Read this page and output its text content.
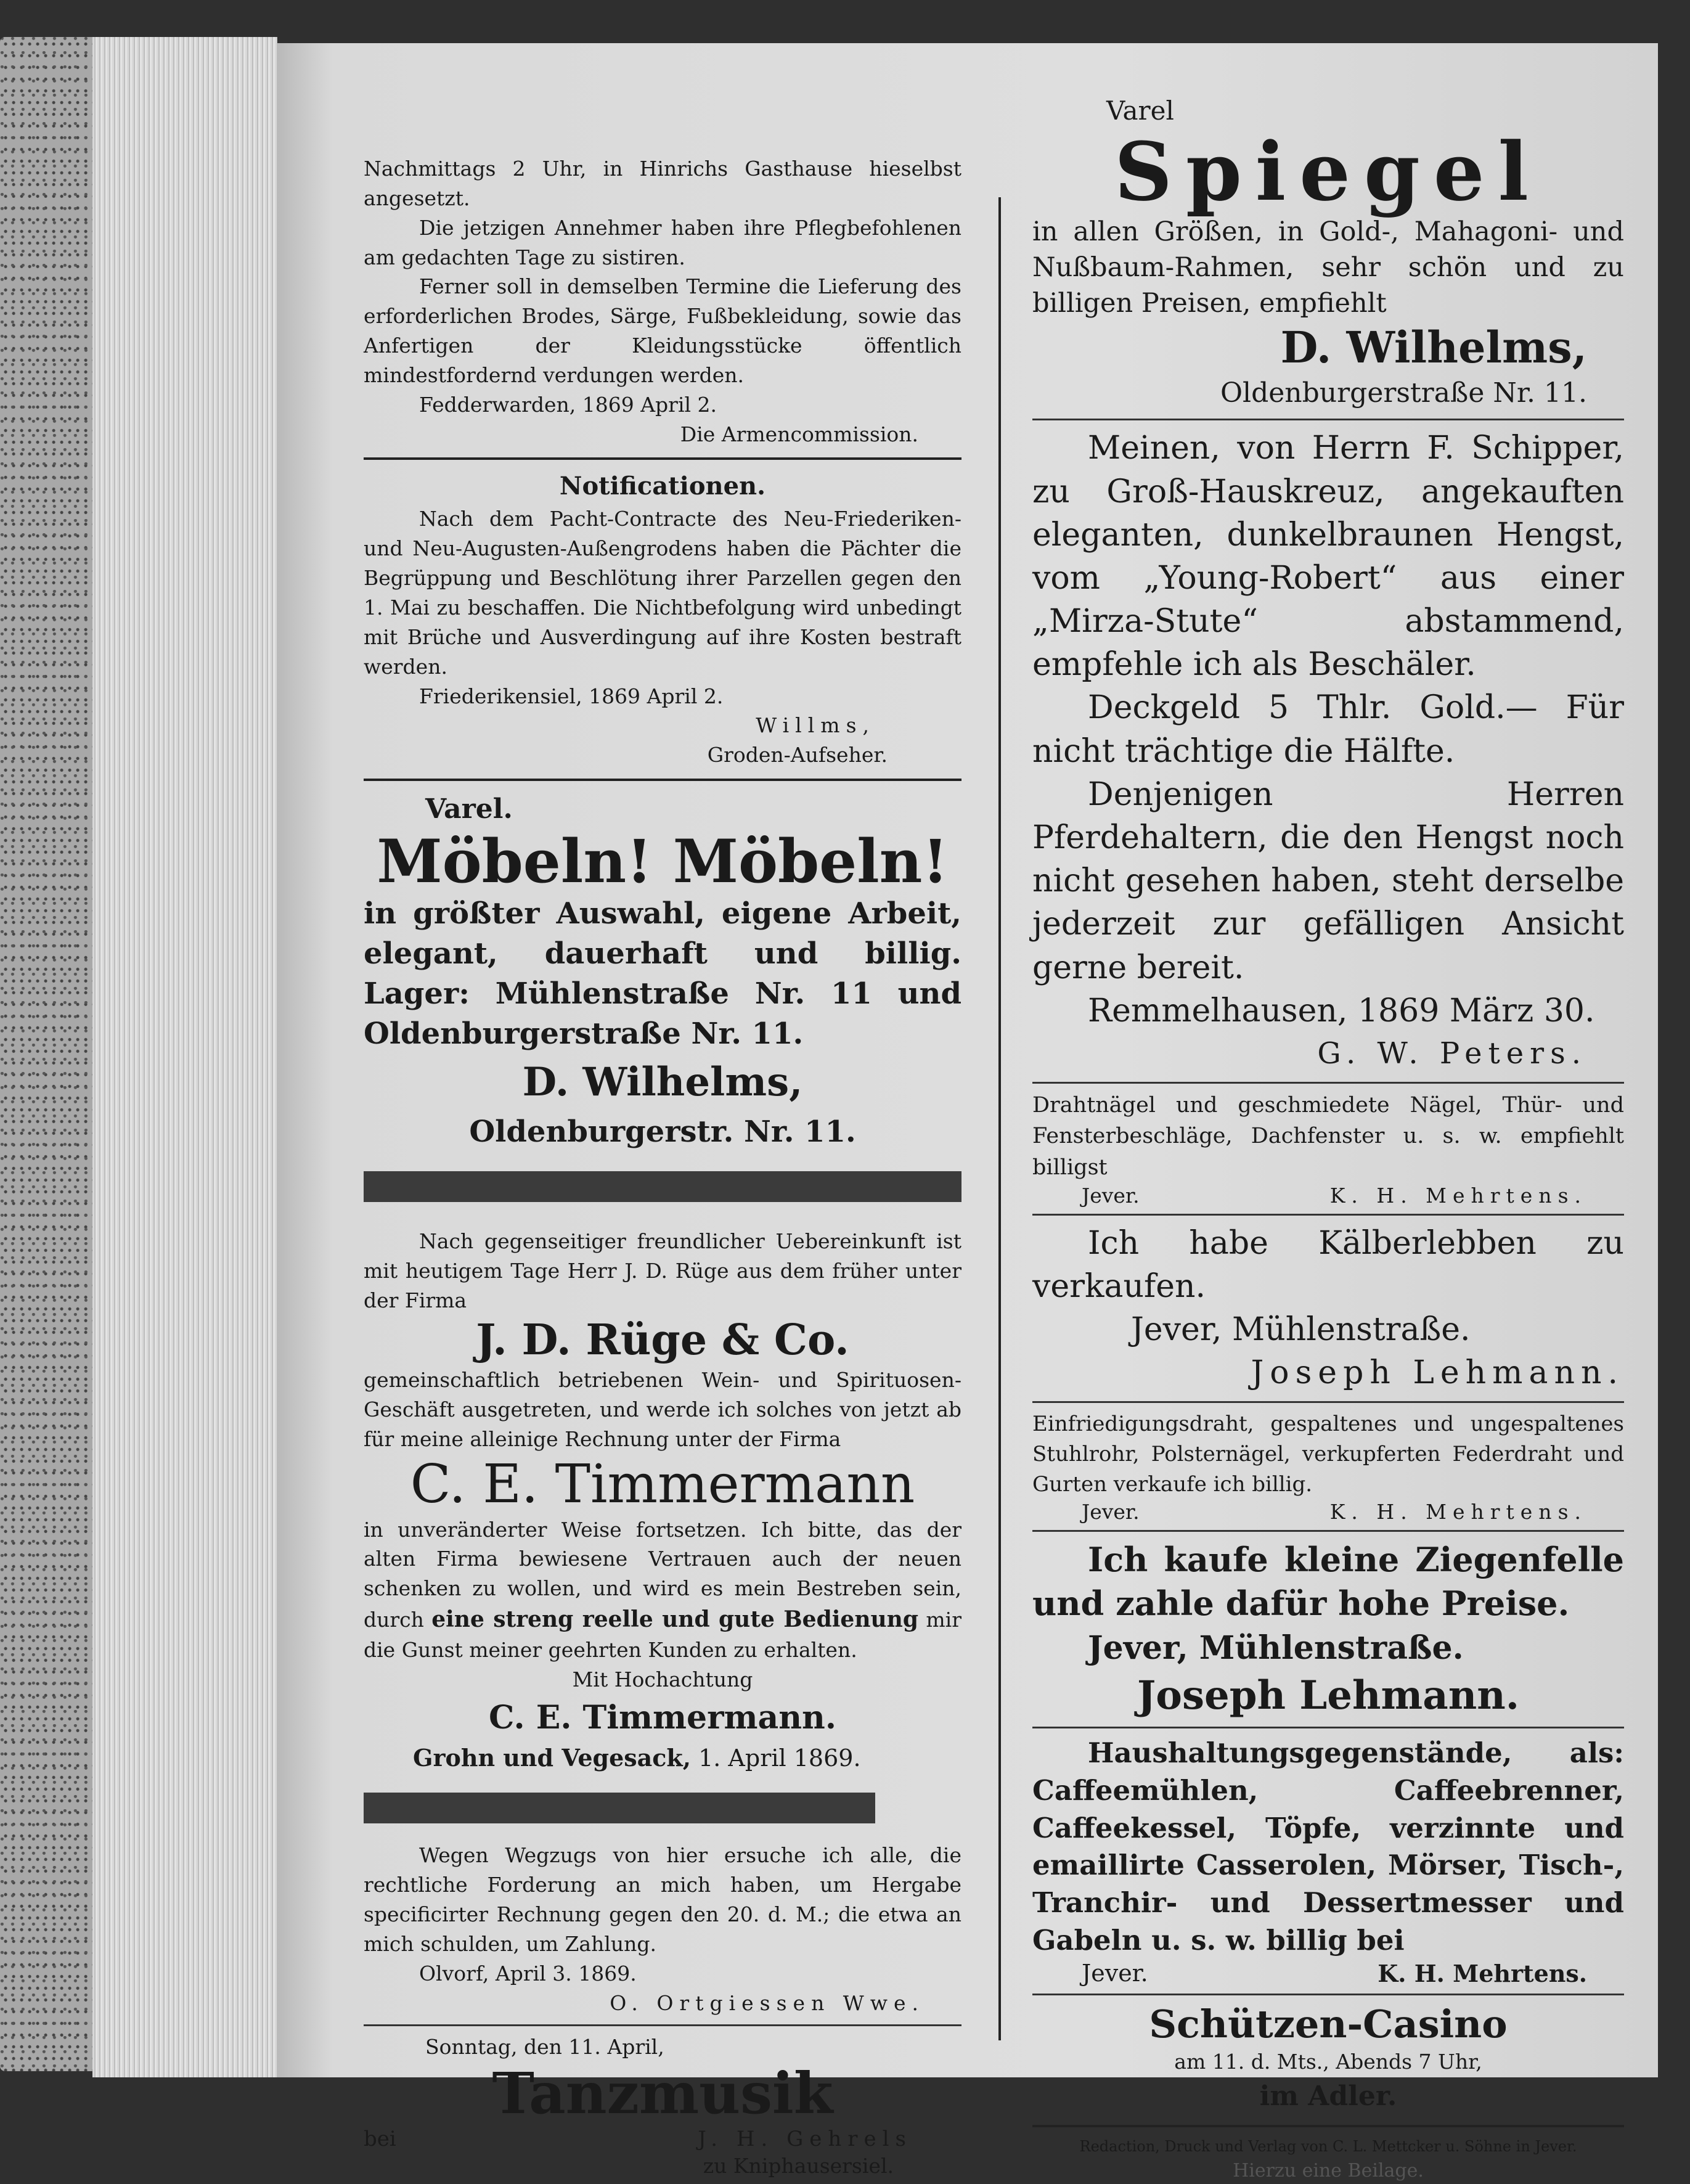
Nachmittags 2 Uhr, in Hinrichs Gasthause hieselbst angesetzt.

Die jetzigen Annehmer haben ihre Pflegbefohlenen am gedachten Tage zu sistiren.

Ferner soll in demselben Termine die Lieferung des erforderlichen Brodes, Särge, Fußbekleidung, sowie das Anfertigen der Kleidungsstücke öffentlich mindestfordernd verdungen werden.

Fedderwarden, 1869 April 2.

Die Armencommission.

Notificationen.

Nach dem Pacht-Contracte des Neu-Friederiken- und Neu-Augusten-Außengrodens haben die Pächter die Begrüppung und Beschlötung ihrer Parzellen gegen den 1. Mai zu beschaffen. Die Nichtbefolgung wird unbedingt mit Brüche und Ausverdingung auf ihre Kosten bestraft werden.

Friederikensiel, 1869 April 2.

Willms,

Groden-Aufseher.

Varel.

Möbeln! Möbeln!

in größter Auswahl, eigene Arbeit, elegant, dauerhaft und billig. Lager: Mühlenstraße Nr. 11 und Oldenburgerstraße Nr. 11.

D. Wilhelms,

Oldenburgerstr. Nr. 11.

Nach gegenseitiger freundlicher Uebereinkunft ist mit heutigem Tage Herr J. D. Rüge aus dem früher unter der Firma

J. D. Rüge & Co.

gemeinschaftlich betriebenen Wein- und Spirituosen-Geschäft ausgetreten, und werde ich solches von jetzt ab für meine alleinige Rechnung unter der Firma

C. E. Timmermann

in unveränderter Weise fortsetzen. Ich bitte, das der alten Firma bewiesene Vertrauen auch der neuen schenken zu wollen, und wird es mein Bestreben sein, durch eine streng reelle und gute Bedienung mir die Gunst meiner geehrten Kunden zu erhalten.

Mit Hochachtung

C. E. Timmermann.

Grohn und Vegesack, 1. April 1869.

Wegen Wegzugs von hier ersuche ich alle, die rechtliche Forderung an mich haben, um Hergabe specificirter Rechnung gegen den 20. d. M.; die etwa an mich schulden, um Zahlung.

Olvorf, April 3. 1869.

O. Ortgiessen Wwe.

Sonntag, den 11. April,

Tanzmusik

bei	J. H. Gehrels

zu Kniphausersiel.

Varel

Spiegel

in allen Größen, in Gold-, Mahagoni- und Nußbaum-Rahmen, sehr schön und zu billigen Preisen, empfiehlt

D. Wilhelms,

Oldenburgerstraße Nr. 11.

Meinen, von Herrn F. Schipper, zu Groß-Hauskreuz, angekauften eleganten, dunkelbraunen Hengst, vom „Young-Robert“ aus einer „Mirza-Stute“ abstammend, empfehle ich als Beschäler.

Deckgeld 5 Thlr. Gold.— Für nicht trächtige die Hälfte.

Denjenigen Herren Pferdehaltern, die den Hengst noch nicht gesehen haben, steht derselbe jederzeit zur gefälligen Ansicht gerne bereit.

Remmelhausen, 1869 März 30.

G. W. Peters.

Drahtnägel und geschmiedete Nägel, Thür- und Fensterbeschläge, Dachfenster u. s. w. empfiehlt billigst

Jever.	K. H. Mehrtens.

Ich habe Kälberlebben zu verkaufen.

Jever, Mühlenstraße.

Joseph Lehmann.

Einfriedigungsdraht, gespaltenes und ungespaltenes Stuhlrohr, Polsternägel, verkupferten Federdraht und Gurten verkaufe ich billig.

Jever.	K. H. Mehrtens.

Ich kaufe kleine Ziegenfelle und zahle dafür hohe Preise.

Jever, Mühlenstraße.

Joseph Lehmann.

Haushaltungsgegenstände, als: Caffeemühlen, Caffeebrenner, Caffeekessel, Töpfe, verzinnte und emaillirte Casserolen, Mörser, Tisch-, Tranchir- und Dessertmesser und Gabeln u. s. w. billig bei

Jever.	K. H. Mehrtens.

Schützen-Casino

am 11. d. Mts., Abends 7 Uhr,

im Adler.

Redaction, Druck und Verlag von C. L. Mettcker u. Söhne in Jever.

Hierzu eine Beilage.
